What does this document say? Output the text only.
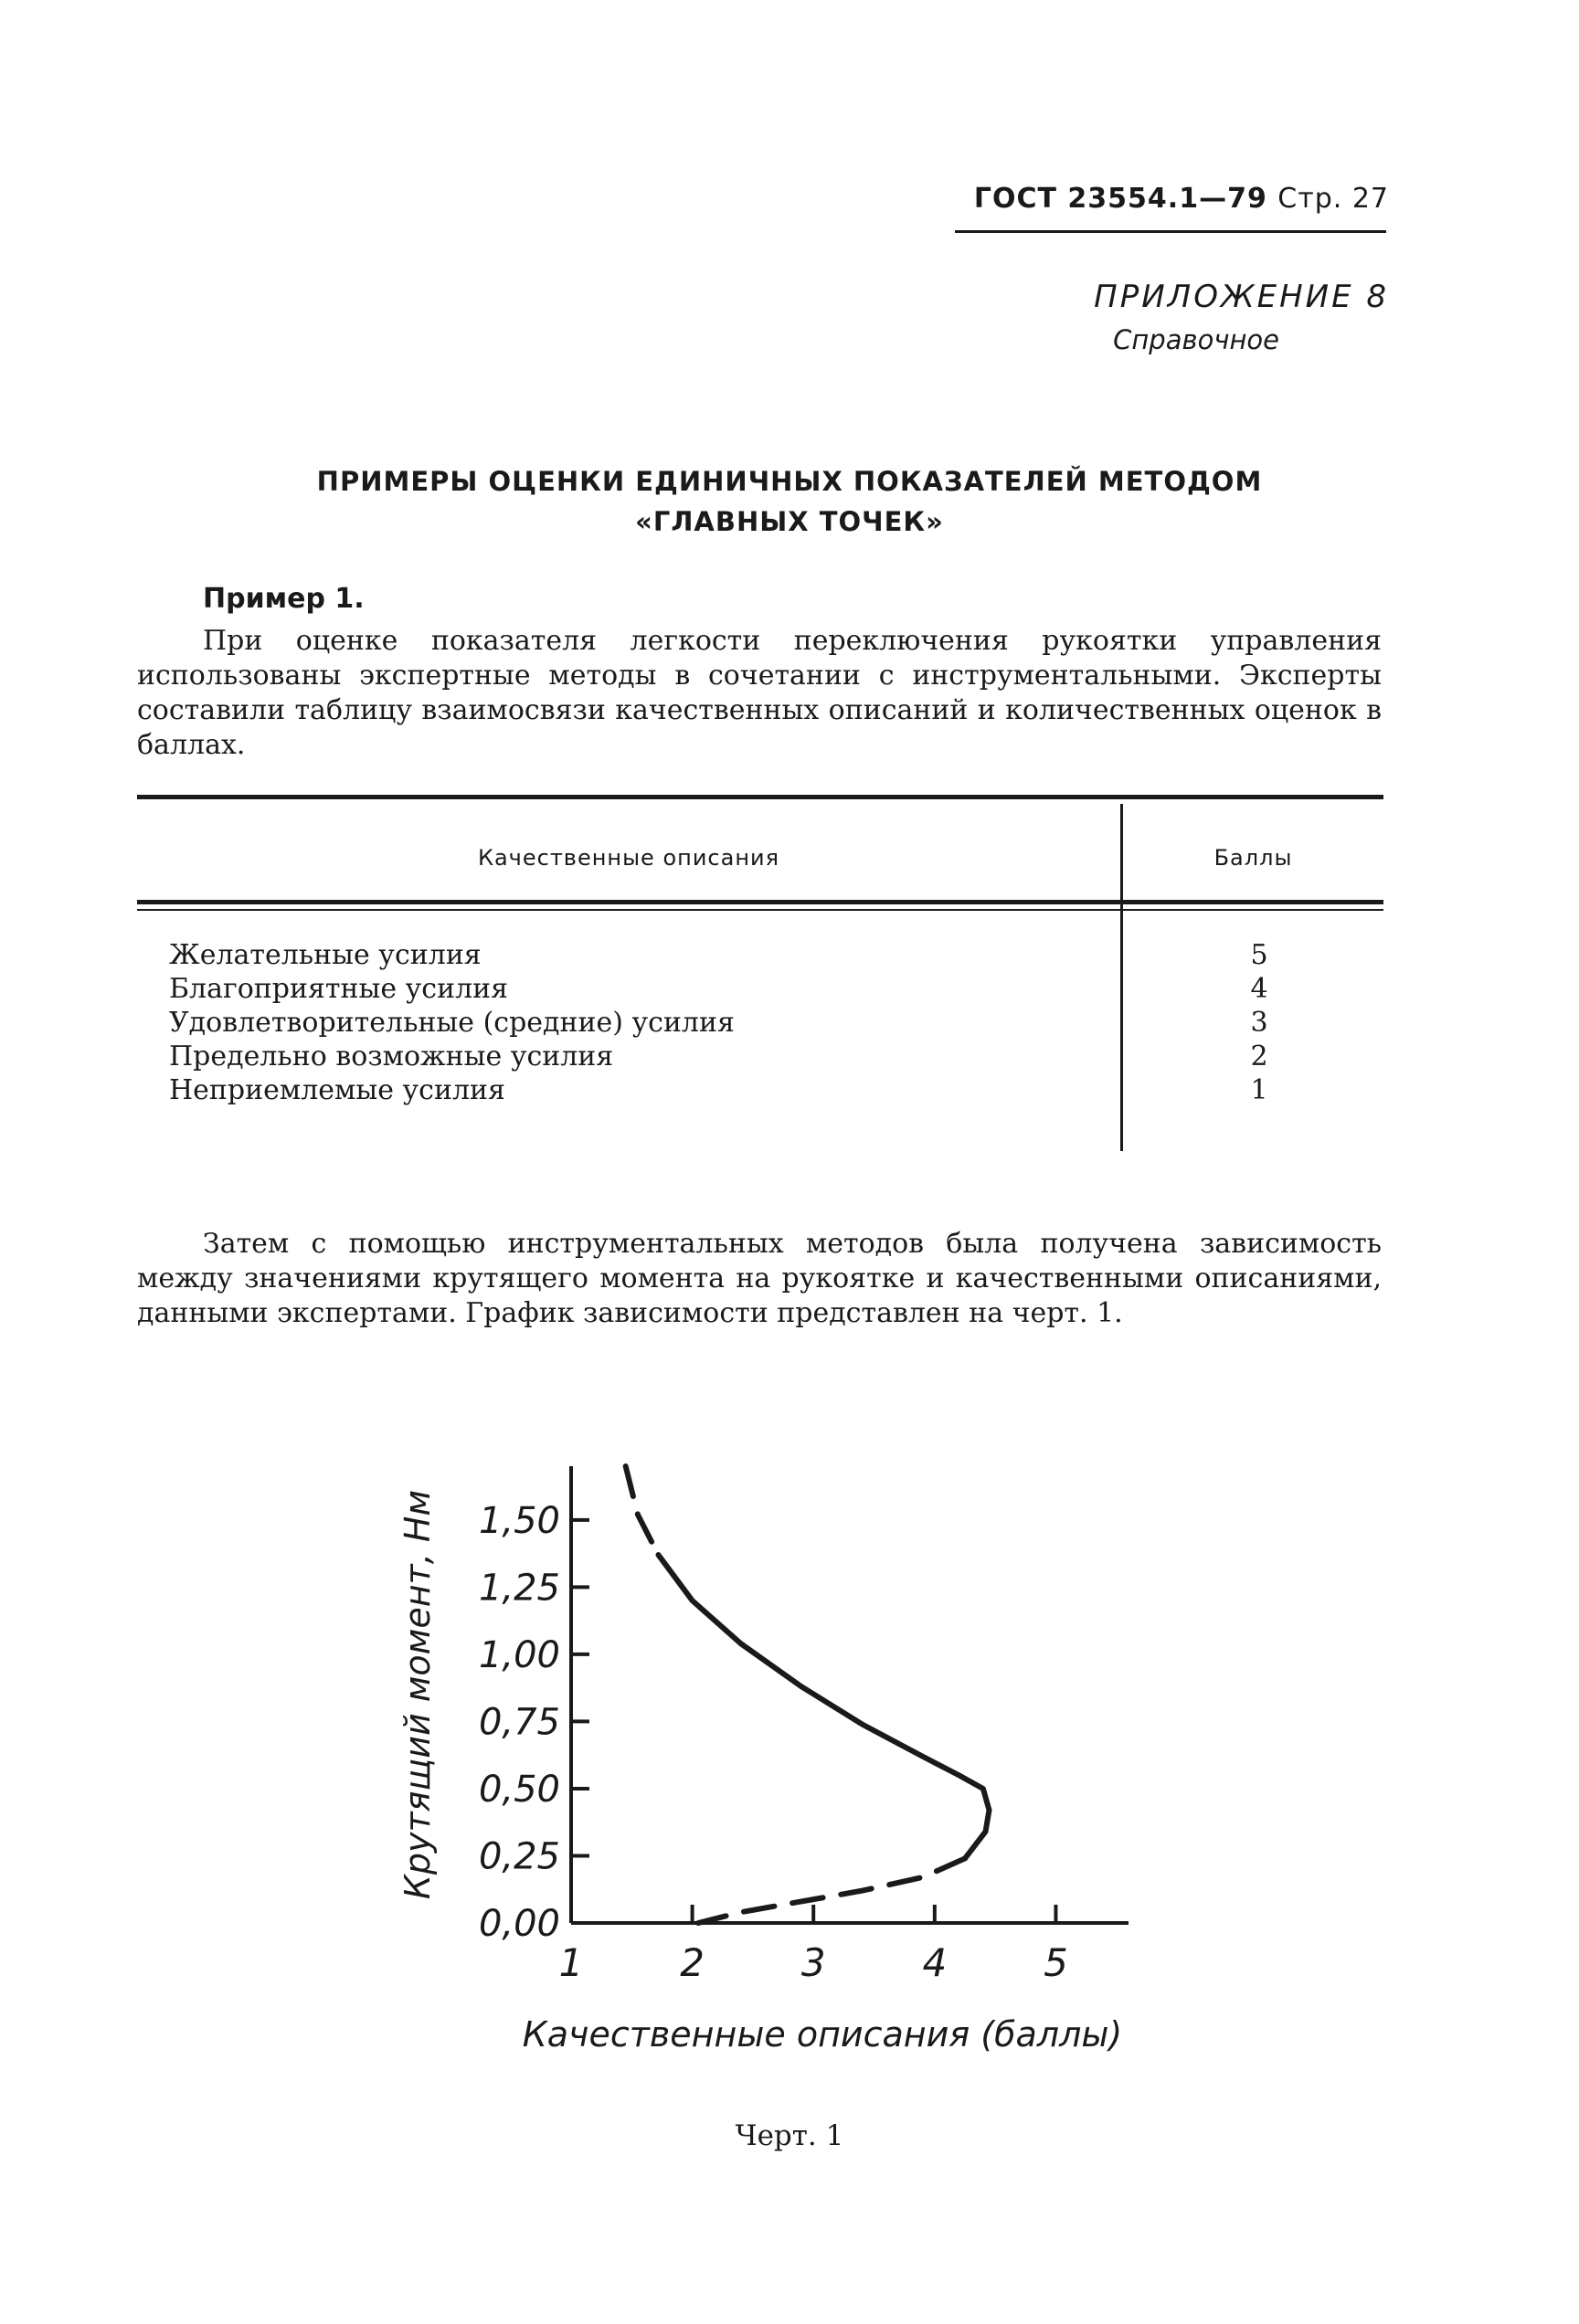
ГОСТ 23554.1—79 Стр. 27
ПРИЛОЖЕНИЕ 8
Справочное
ПРИМЕРЫ ОЦЕНКИ ЕДИНИЧНЫХ ПОКАЗАТЕЛЕЙ МЕТОДОМ
«ГЛАВНЫХ ТОЧЕК»
Пример 1.
При оценке показателя легкости переключения рукоятки управления использованы экспертные методы в сочетании с инструментальными. Эксперты составили таблицу взаимосвязи качественных описаний и количественных оценок в баллах.
Качественные описания	Баллы
Желательные усилия	5
Благоприятные усилия	4
Удовлетворительные (средние) усилия	3
Предельно возможные усилия	2
Неприемлемые усилия	1
Затем с помощью инструментальных методов была получена зависимость между значениями крутящего момента на рукоятке и качественными описаниями, данными экспертами. График зависимости представлен на черт. 1.
0,00
0,25
0,50
0,75
1,00
1,25
1,50
1	2	3	4	5
Крутящий момент, Нм
Качественные описания (баллы)
Черт. 1
